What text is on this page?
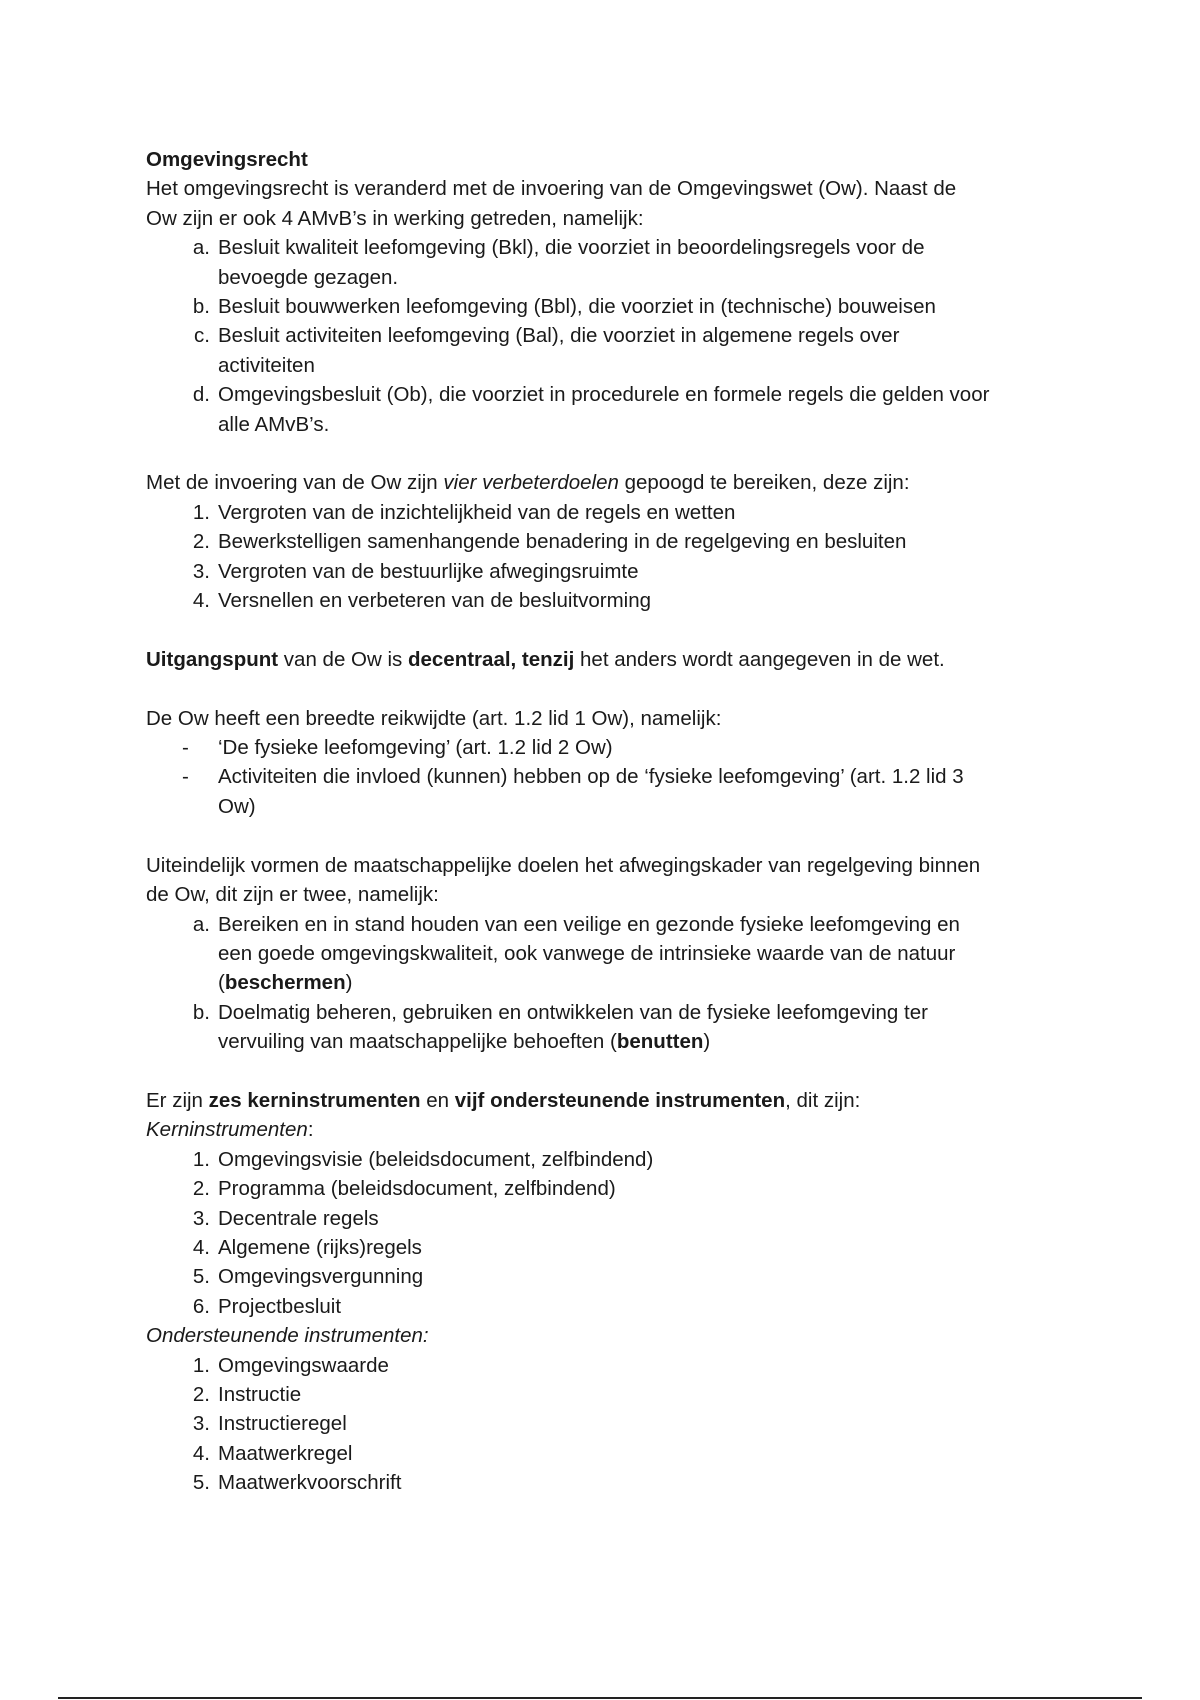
Omgevingsrecht

Het omgevingsrecht is veranderd met de invoering van de Omgevingswet (Ow). Naast de

Ow zijn er ook 4 AMvB’s in werking getreden, namelijk:

a. Besluit kwaliteit leefomgeving (Bkl), die voorziet in beoordelingsregels voor de

bevoegde gezagen.

b. Besluit bouwwerken leefomgeving (Bbl), die voorziet in (technische) bouweisen

c. Besluit activiteiten leefomgeving (Bal), die voorziet in algemene regels over

activiteiten

d. Omgevingsbesluit (Ob), die voorziet in procedurele en formele regels die gelden voor

alle AMvB’s.

Met de invoering van de Ow zijn vier verbeterdoelen gepoogd te bereiken, deze zijn:

1. Vergroten van de inzichtelijkheid van de regels en wetten

2. Bewerkstelligen samenhangende benadering in de regelgeving en besluiten

3. Vergroten van de bestuurlijke afwegingsruimte

4. Versnellen en verbeteren van de besluitvorming

Uitgangspunt van de Ow is decentraal, tenzij het anders wordt aangegeven in de wet.

De Ow heeft een breedte reikwijdte (art. 1.2 lid 1 Ow), namelijk:

-	‘De fysieke leefomgeving’ (art. 1.2 lid 2 Ow)

-	Activiteiten die invloed (kunnen) hebben op de ‘fysieke leefomgeving’ (art. 1.2 lid 3

Ow)

Uiteindelijk vormen de maatschappelijke doelen het afwegingskader van regelgeving binnen

de Ow, dit zijn er twee, namelijk:

a. Bereiken en in stand houden van een veilige en gezonde fysieke leefomgeving en

een goede omgevingskwaliteit, ook vanwege de intrinsieke waarde van de natuur

(beschermen)

b. Doelmatig beheren, gebruiken en ontwikkelen van de fysieke leefomgeving ter

vervuiling van maatschappelijke behoeften (benutten)

Er zijn zes kerninstrumenten en vijf ondersteunende instrumenten, dit zijn:

Kerninstrumenten:

1. Omgevingsvisie (beleidsdocument, zelfbindend)

2. Programma (beleidsdocument, zelfbindend)

3. Decentrale regels

4. Algemene (rijks)regels

5. Omgevingsvergunning

6. Projectbesluit

Ondersteunende instrumenten:

1. Omgevingswaarde

2. Instructie

3. Instructieregel

4. Maatwerkregel

5. Maatwerkvoorschrift
